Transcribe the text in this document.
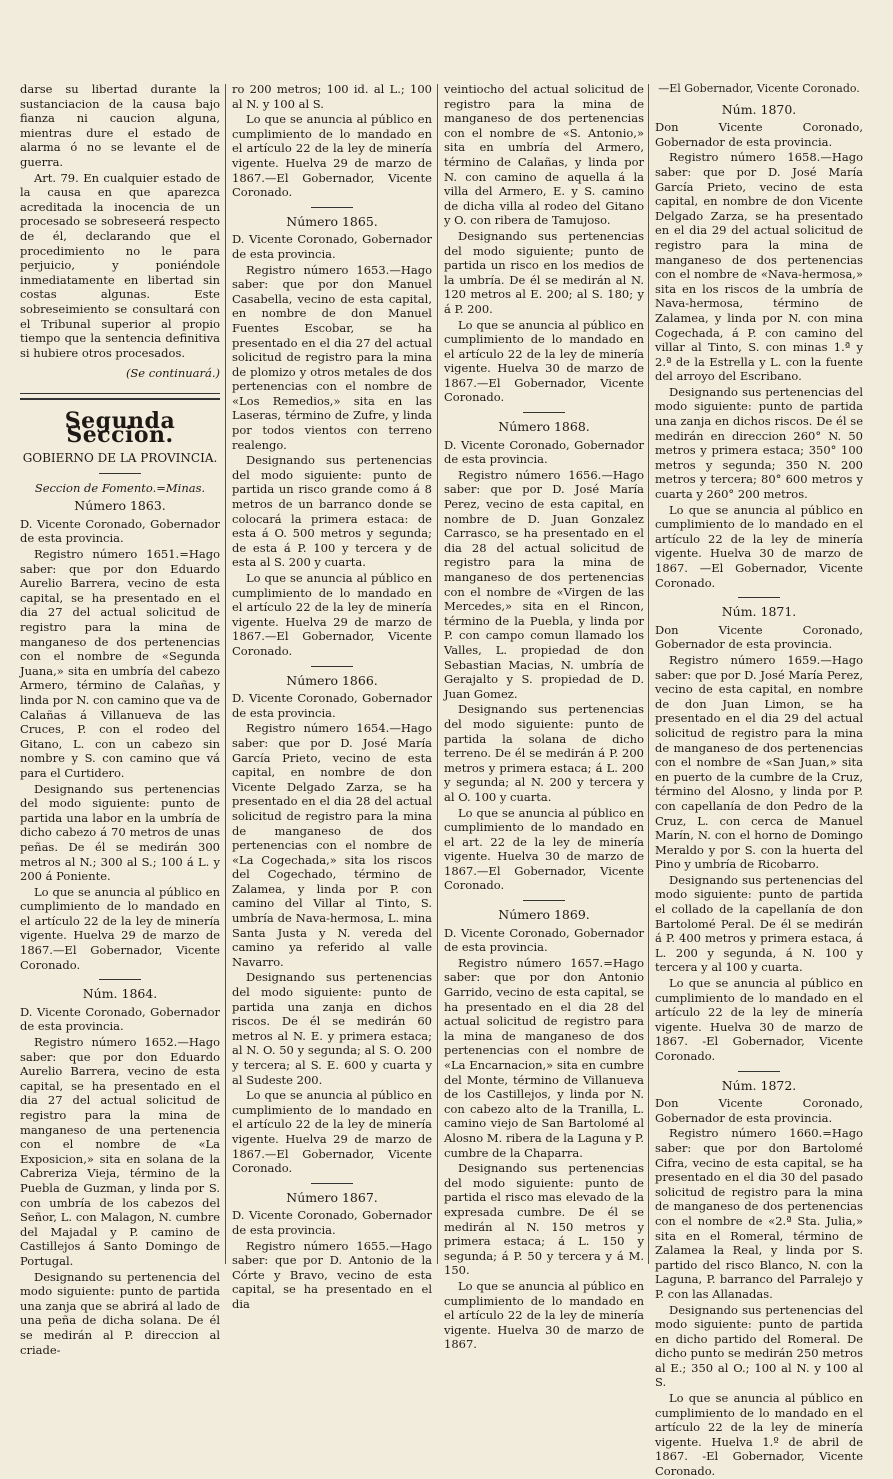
darse su libertad durante la sustanciacion de la causa bajo fianza ni caucion alguna, mientras dure el estado de alarma ó no se levante el de guerra.

Art. 79. En cualquier estado de la causa en que aparezca acreditada la inocencia de un procesado se sobreseerá respecto de él, declarando que el procedimiento no le para perjuicio, y poniéndole inmediatamente en libertad sin costas algunas. Este sobreseimiento se consultará con el Tribunal superior al propio tiempo que la sentencia definitiva si hubiere otros procesados.

(Se continuará.)

Segunda Seccion.
GOBIERNO DE LA PROVINCIA.
Seccion de Fomento.=Minas.
Número 1863.

D. Vicente Coronado, Gobernador de esta provincia.

Registro número 1651.=Hago saber: que por don Eduardo Aurelio Barrera, vecino de esta capital, se ha presentado en el dia 27 del actual solicitud de registro para la mina de manganeso de dos pertenencias con el nombre de «Segunda Juana,» sita en umbría del cabezo Armero, término de Calañas, y linda por N. con camino que va de Calañas á Villanueva de las Cruces, P. con el rodeo del Gitano, L. con un cabezo sin nombre y S. con camino que vá para el Curtidero.

Designando sus pertenencias del modo siguiente: punto de partida una labor en la umbría de dicho cabezo á 70 metros de unas peñas. De él se medirán 300 metros al N.; 300 al S.; 100 á L. y 200 á Poniente.

Lo que se anuncia al público en cumplimiento de lo mandado en el artículo 22 de la ley de minería vigente. Huelva 29 de marzo de 1867.—El Gobernador, Vicente Coronado.

Núm. 1864.

D. Vicente Coronado, Gobernador de esta provincia.

Registro número 1652.—Hago saber: que por don Eduardo Aurelio Barrera, vecino de esta capital, se ha presentado en el dia 27 del actual solicitud de registro para la mina de manganeso de una pertenencia con el nombre de «La Exposicion,» sita en solana de la Cabreriza Vieja, término de la Puebla de Guzman, y linda por S. con umbría de los cabezos del Señor, L. con Malagon, N. cumbre del Majadal y P. camino de Castillejos á Santo Domingo de Portugal.

Designando su pertenencia del modo siguiente: punto de partida una zanja que se abrirá al lado de una peña de dicha solana. De él se medirán al P. direccion al criade-

ro 200 metros; 100 id. al L.; 100 al N. y 100 al S.

Lo que se anuncia al público en cumplimiento de lo mandado en el artículo 22 de la ley de minería vigente. Huelva 29 de marzo de 1867.—El Gobernador, Vicente Coronado.

Número 1865.

D. Vicente Coronado, Gobernador de esta provincia.

Registro número 1653.—Hago saber: que por don Manuel Casabella, vecino de esta capital, en nombre de don Manuel Fuentes Escobar, se ha presentado en el dia 27 del actual solicitud de registro para la mina de plomizo y otros metales de dos pertenencias con el nombre de «Los Remedios,» sita en las Laseras, término de Zufre, y linda por todos vientos con terreno realengo.

Designando sus pertenencias del modo siguiente: punto de partida un risco grande como á 8 metros de un barranco donde se colocará la primera estaca: de esta á O. 500 metros y segunda; de esta á P. 100 y tercera y de esta al S. 200 y cuarta.

Lo que se anuncia al público en cumplimiento de lo mandado en el artículo 22 de la ley de minería vigente. Huelva 29 de marzo de 1867.—El Gobernador, Vicente Coronado.

Número 1866.

D. Vicente Coronado, Gobernador de esta provincia.

Registro número 1654.—Hago saber: que por D. José María García Prieto, vecino de esta capital, en nombre de don Vicente Delgado Zarza, se ha presentado en el dia 28 del actual solicitud de registro para la mina de manganeso de dos pertenencias con el nombre de «La Cogechada,» sita los riscos del Cogechado, término de Zalamea, y linda por P. con camino del Villar al Tinto, S. umbría de Nava-hermosa, L. mina Santa Justa y N. vereda del camino ya referido al valle Navarro.

Designando sus pertenencias del modo siguiente: punto de partida una zanja en dichos riscos. De él se medirán 60 metros al N. E. y primera estaca; al N. O. 50 y segunda; al S. O. 200 y tercera; al S. E. 600 y cuarta y al Sudeste 200.

Lo que se anuncia al público en cumplimiento de lo mandado en el artículo 22 de la ley de minería vigente. Huelva 29 de marzo de 1867.—El Gobernador, Vicente Coronado.

Número 1867.

D. Vicente Coronado, Gobernador de esta provincia.

Registro número 1655.—Hago saber: que por D. Antonio de la Córte y Bravo, vecino de esta capital, se ha presentado en el dia

veintiocho del actual solicitud de registro para la mina de manganeso de dos pertenencias con el nombre de «S. Antonio,» sita en umbría del Armero, término de Calañas, y linda por N. con camino de aquella á la villa del Armero, E. y S. camino de dicha villa al rodeo del Gitano y O. con ribera de Tamujoso.

Designando sus pertenencias del modo siguiente; punto de partida un risco en los medios de la umbría. De él se medirán al N. 120 metros al E. 200; al S. 180; y á P. 200.

Lo que se anuncia al público en cumplimiento de lo mandado en el artículo 22 de la ley de minería vigente. Huelva 30 de marzo de 1867.—El Gobernador, Vicente Coronado.

Número 1868.

D. Vicente Coronado, Gobernador de esta provincia.

Registro número 1656.—Hago saber: que por D. José María Perez, vecino de esta capital, en nombre de D. Juan Gonzalez Carrasco, se ha presentado en el dia 28 del actual solicitud de registro para la mina de manganeso de dos pertenencias con el nombre de «Virgen de las Mercedes,» sita en el Rincon, término de la Puebla, y linda por P. con campo comun llamado los Valles, L. propiedad de don Sebastian Macias, N. umbría de Gerajalto y S. propiedad de D. Juan Gomez.

Designando sus pertenencias del modo siguiente: punto de partida la solana de dicho terreno. De él se medirán á P. 200 metros y primera estaca; á L. 200 y segunda; al N. 200 y tercera y al O. 100 y cuarta.

Lo que se anuncia al público en cumplimiento de lo mandado en el art. 22 de la ley de minería vigente. Huelva 30 de marzo de 1867.—El Gobernador, Vicente Coronado.

Número 1869.

D. Vicente Coronado, Gobernador de esta provincia.

Registro número 1657.=Hago saber: que por don Antonio Garrido, vecino de esta capital, se ha presentado en el dia 28 del actual solicitud de registro para la mina de manganeso de dos pertenencias con el nombre de «La Encarnacion,» sita en cumbre del Monte, término de Villanueva de los Castillejos, y linda por N. con cabezo alto de la Tranilla, L. camino viejo de San Bartolomé al Alosno M. ribera de la Laguna y P. cumbre de la Chaparra.

Designando sus pertenencias del modo siguiente: punto de partida el risco mas elevado de la expresada cumbre. De él se medirán al N. 150 metros y primera estaca; á L. 150 y segunda; á P. 50 y tercera y á M. 150.

Lo que se anuncia al público en cumplimiento de lo mandado en el artículo 22 de la ley de minería vigente. Huelva 30 de marzo de 1867.

—El Gobernador, Vicente Coronado.
Núm. 1870.

Don Vicente Coronado, Gobernador de esta provincia.

Registro número 1658.—Hago saber: que por D. José María García Prieto, vecino de esta capital, en nombre de don Vicente Delgado Zarza, se ha presentado en el dia 29 del actual solicitud de registro para la mina de manganeso de dos pertenencias con el nombre de «Nava-hermosa,» sita en los riscos de la umbría de Nava-hermosa, término de Zalamea, y linda por N. con mina Cogechada, á P. con camino del villar al Tinto, S. con minas 1.ª y 2.ª de la Estrella y L. con la fuente del arroyo del Escribano.

Designando sus pertenencias del modo siguiente: punto de partida una zanja en dichos riscos. De él se medirán en direccion 260° N. 50 metros y primera estaca; 350° 100 metros y segunda; 350 N. 200 metros y tercera; 80° 600 metros y cuarta y 260° 200 metros.

Lo que se anuncia al público en cumplimiento de lo mandado en el artículo 22 de la ley de minería vigente. Huelva 30 de marzo de 1867. —El Gobernador, Vicente Coronado.

Núm. 1871.

Don Vicente Coronado, Gobernador de esta provincia.

Registro número 1659.—Hago saber: que por D. José María Perez, vecino de esta capital, en nombre de don Juan Limon, se ha presentado en el dia 29 del actual solicitud de registro para la mina de manganeso de dos pertenencias con el nombre de «San Juan,» sita en puerto de la cumbre de la Cruz, término del Alosno, y linda por P. con capellanía de don Pedro de la Cruz, L. con cerca de Manuel Marín, N. con el horno de Domingo Meraldo y por S. con la huerta del Pino y umbría de Ricobarro.

Designando sus pertenencias del modo siguiente: punto de partida el collado de la capellanía de don Bartolomé Peral. De él se medirán á P. 400 metros y primera estaca, á L. 200 y segunda, á N. 100 y tercera y al 100 y cuarta.

Lo que se anuncia al público en cumplimiento de lo mandado en el artículo 22 de la ley de minería vigente. Huelva 30 de marzo de 1867. -El Gobernador, Vicente Coronado.

Núm. 1872.

Don Vicente Coronado, Gobernador de esta provincia.

Registro número 1660.=Hago saber: que por don Bartolomé Cifra, vecino de esta capital, se ha presentado en el dia 30 del pasado solicitud de registro para la mina de manganeso de dos pertenencias con el nombre de «2.ª Sta. Julia,» sita en el Romeral, término de Zalamea la Real, y linda por S. partido del risco Blanco, N. con la Laguna, P. barranco del Parralejo y P. con las Allanadas.

Designando sus pertenencias del modo siguiente: punto de partida en dicho partido del Romeral. De dicho punto se medirán 250 metros al E.; 350 al O.; 100 al N. y 100 al S.

Lo que se anuncia al público en cumplimiento de lo mandado en el artículo 22 de la ley de minería vigente. Huelva 1.º de abril de 1867. -El Gobernador, Vicente Coronado.
